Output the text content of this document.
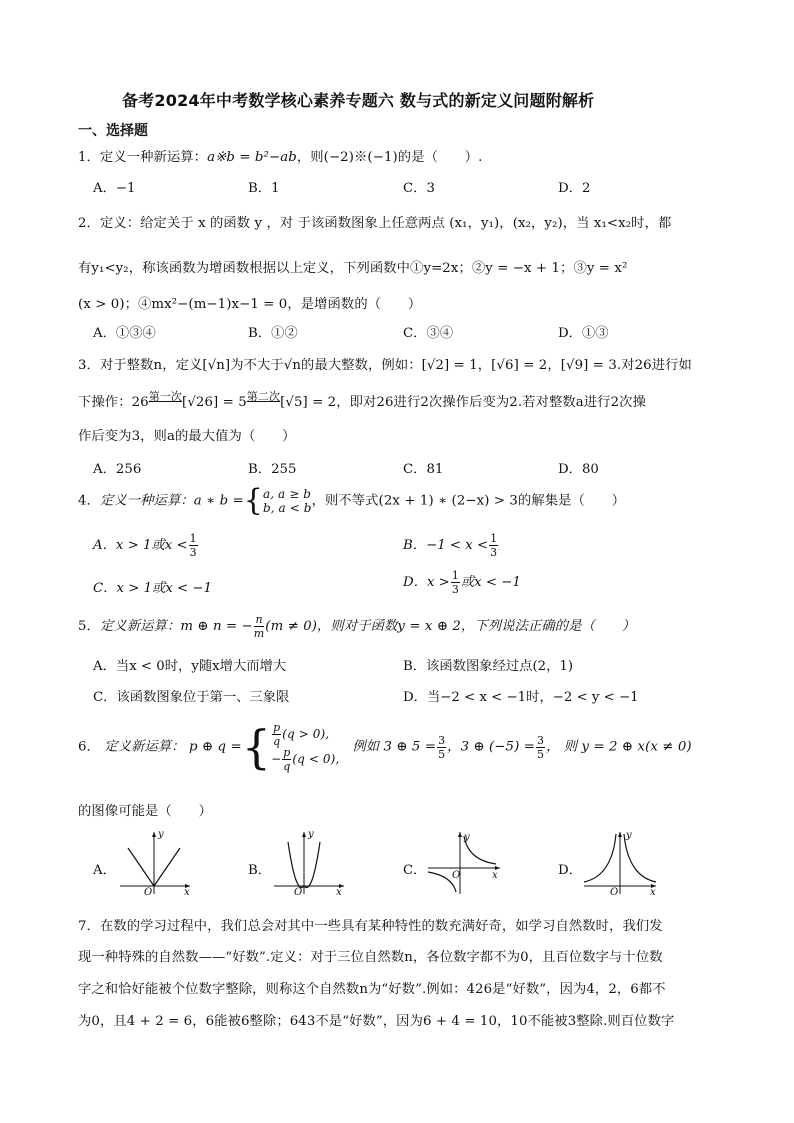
备考2024年中考数学核心素养专题六 数与式的新定义问题附解析
一、选择题
1．定义一种新运算：a※b = b²−ab，则(−2)※(−1)的是（　　）.
A．−1	B．1	C．3	D．2
2．定义：给定关于 x 的函数 y ，对 于该函数图象上任意两点 (x₁，y₁)，(x₂，y₂)，当 x₁<x₂时，都
有y₁<y₂，称该函数为增函数根据以上定义，下列函数中①y=2x；②y = −x + 1；③y = x²
(x > 0)；④mx²−(m−1)x−1 = 0，是增函数的（　　）
A．①③④	B．①②	C．③④	D．①③
3．对于整数n，定义[√n]为不大于√n的最大整数，例如：[√2] = 1，[√6] = 2，[√9] = 3.对26进行如
下操作：26第一次[√26] = 5第二次[√5] = 2，即对26进行2次操作后变为2.若对整数a进行2次操
作后变为3，则a的最大值为（　　）
A．256	B．255	C．81	D．80
4．定义一种运算：a ∗ b ={a, a ≥ b
b, a < b，则不等式(2x + 1) ∗ (2−x) > 3的解集是（　　）
A．x > 1或$x < \frac{1}{3}$	B．$-1 < x < \frac{1}{3}$
C．x > 1或x < −1	D．$x > \frac{1}{3}$ 或x < −1
5．定义新运算：m ⊕ n = − $\frac{n}{m} (m \ne 0)$，则对于函数y = x ⊕ 2，下列说法正确的是（　　）
A．当x < 0时，y随x增大而增大	B．该函数图象经过点(2，1)
C．该函数图象位于第一、三象限	D．当−2 < x < −1时，−2 < y < −1
6． 定义新运算： p ⊕ q ={ $\frac{p}{q} (q > 0)$,
− $\frac{p}{q} (q < 0)$,   例如 3 ⊕ $5 = \frac{3}{5}$ ，3 ⊕ $(-5) = \frac{3}{5}$ ， 则 y = 2 ⊕ x(x ≠ 0)
的图像可能是（　　）
A．	B．	C．	D．
y
x
O
y
x
O
y
x
O
y
x
O
7．在数的学习过程中，我们总会对其中一些具有某种特性的数充满好奇，如学习自然数时，我们发
现一种特殊的自然数——“好数”.定义：对于三位自然数n，各位数字都不为0，且百位数字与十位数
字之和恰好能被个位数字整除，则称这个自然数n为“好数”.例如：426是“好数”，因为4，2，6都不
为0，且4 + 2 = 6，6能被6整除；643不是“好数”，因为6 + 4 = 10，10不能被3整除.则百位数字
